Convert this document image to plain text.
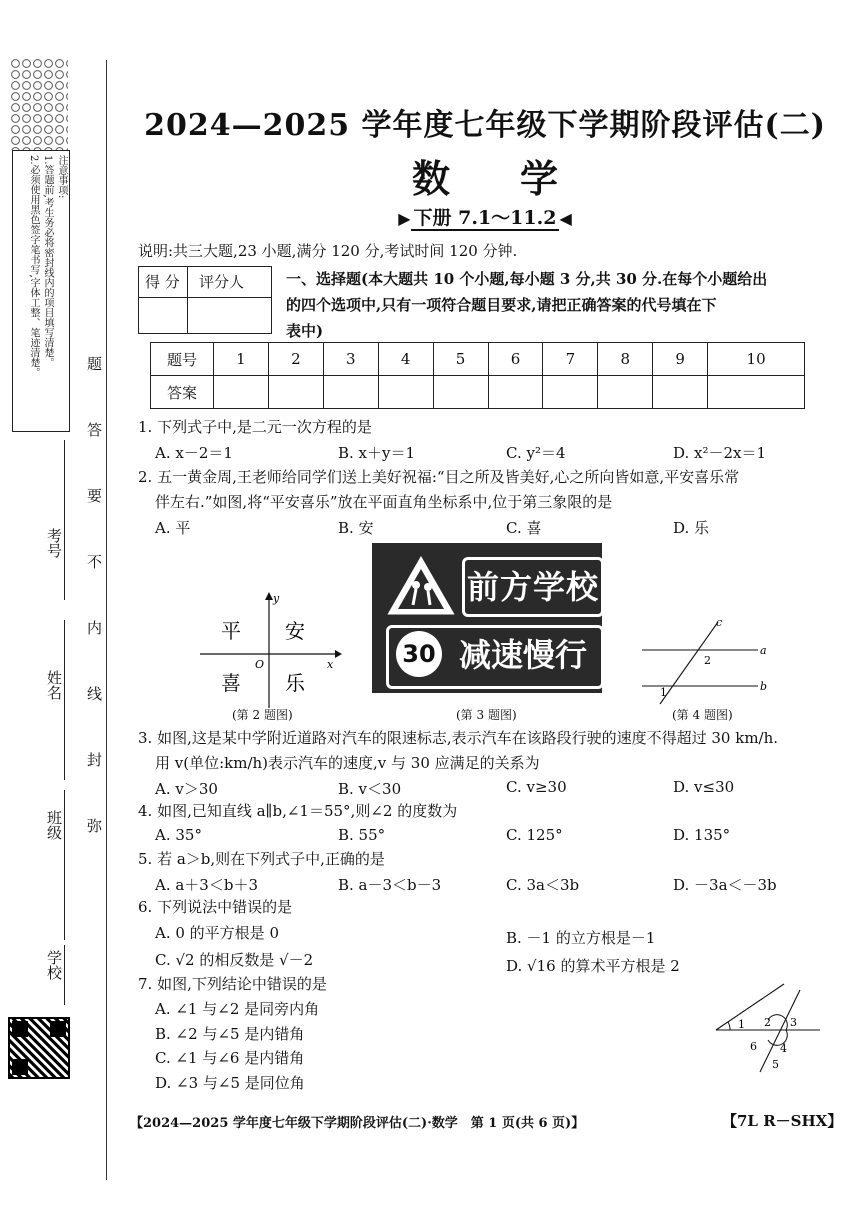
注意事项:
1.答题前,考生务必将密封线内的项目填写清楚。
2.必须使用黑色签字笔书写,字体工整、笔迹清楚。
考号
姓名
班级
学校
弥
封
线
内
不
要
答
题
2024—2025 学年度七年级下学期阶段评估(二)
数学
▶ 下册 7.1～11.2 ◀
说明:共三大题,23 小题,满分 120 分,考试时间 120 分钟.
得 分 评分人	一、选择题(本大题共 10 个小题,每小题 3 分,共 30 分.在每个小题给出
的四个选项中,只有一项符合题目要求,请把正确答案的代号填在下
表中)
题号	1	2	3	4	5	6	7	8	9	10
答案										
1. 下列式子中,是二元一次方程的是
A. x－2＝1	B. x＋y＝1	C. y²＝4	D. x²－2x＝1
2. 五一黄金周,王老师给同学们送上美好祝福:“目之所及皆美好,心之所向皆如意,平安喜乐常
伴左右.”如图,将“平安喜乐”放在平面直角坐标系中,位于第三象限的是
A. 平	B. 安	C. 喜	D. 乐
平 安
喜 乐
x
y
O
(第 2 题图)
前方学校
30 减速慢行
(第 3 题图)
a
b
c
1
2
(第 4 题图)
3. 如图,这是某中学附近道路对汽车的限速标志,表示汽车在该路段行驶的速度不得超过 30 km/h.
用 v(单位:km/h)表示汽车的速度,v 与 30 应满足的关系为
A. v＞30	B. v＜30	C. v≥30	D. v≤30
4. 如图,已知直线 a∥b,∠1＝55°,则∠2 的度数为
A. 35°	B. 55°	C. 125°	D. 135°
5. 若 a＞b,则在下列式子中,正确的是
A. a＋3＜b＋3	B. a－3＜b－3	C. 3a＜3b	D. －3a＜－3b
6. 下列说法中错误的是
A. 0 的平方根是 0	B. －1 的立方根是－1
C. √2 的相反数是 √－2	D. √16 的算术平方根是 2
7. 如图,下列结论中错误的是
A. ∠1 与∠2 是同旁内角
B. ∠2 与∠5 是内错角
C. ∠1 与∠6 是内错角
D. ∠3 与∠5 是同位角
1 2 3
4
5
6
【2024—2025 学年度七年级下学期阶段评估(二)·数学　第 1 页(共 6 页)】	【7L R－SHX】
